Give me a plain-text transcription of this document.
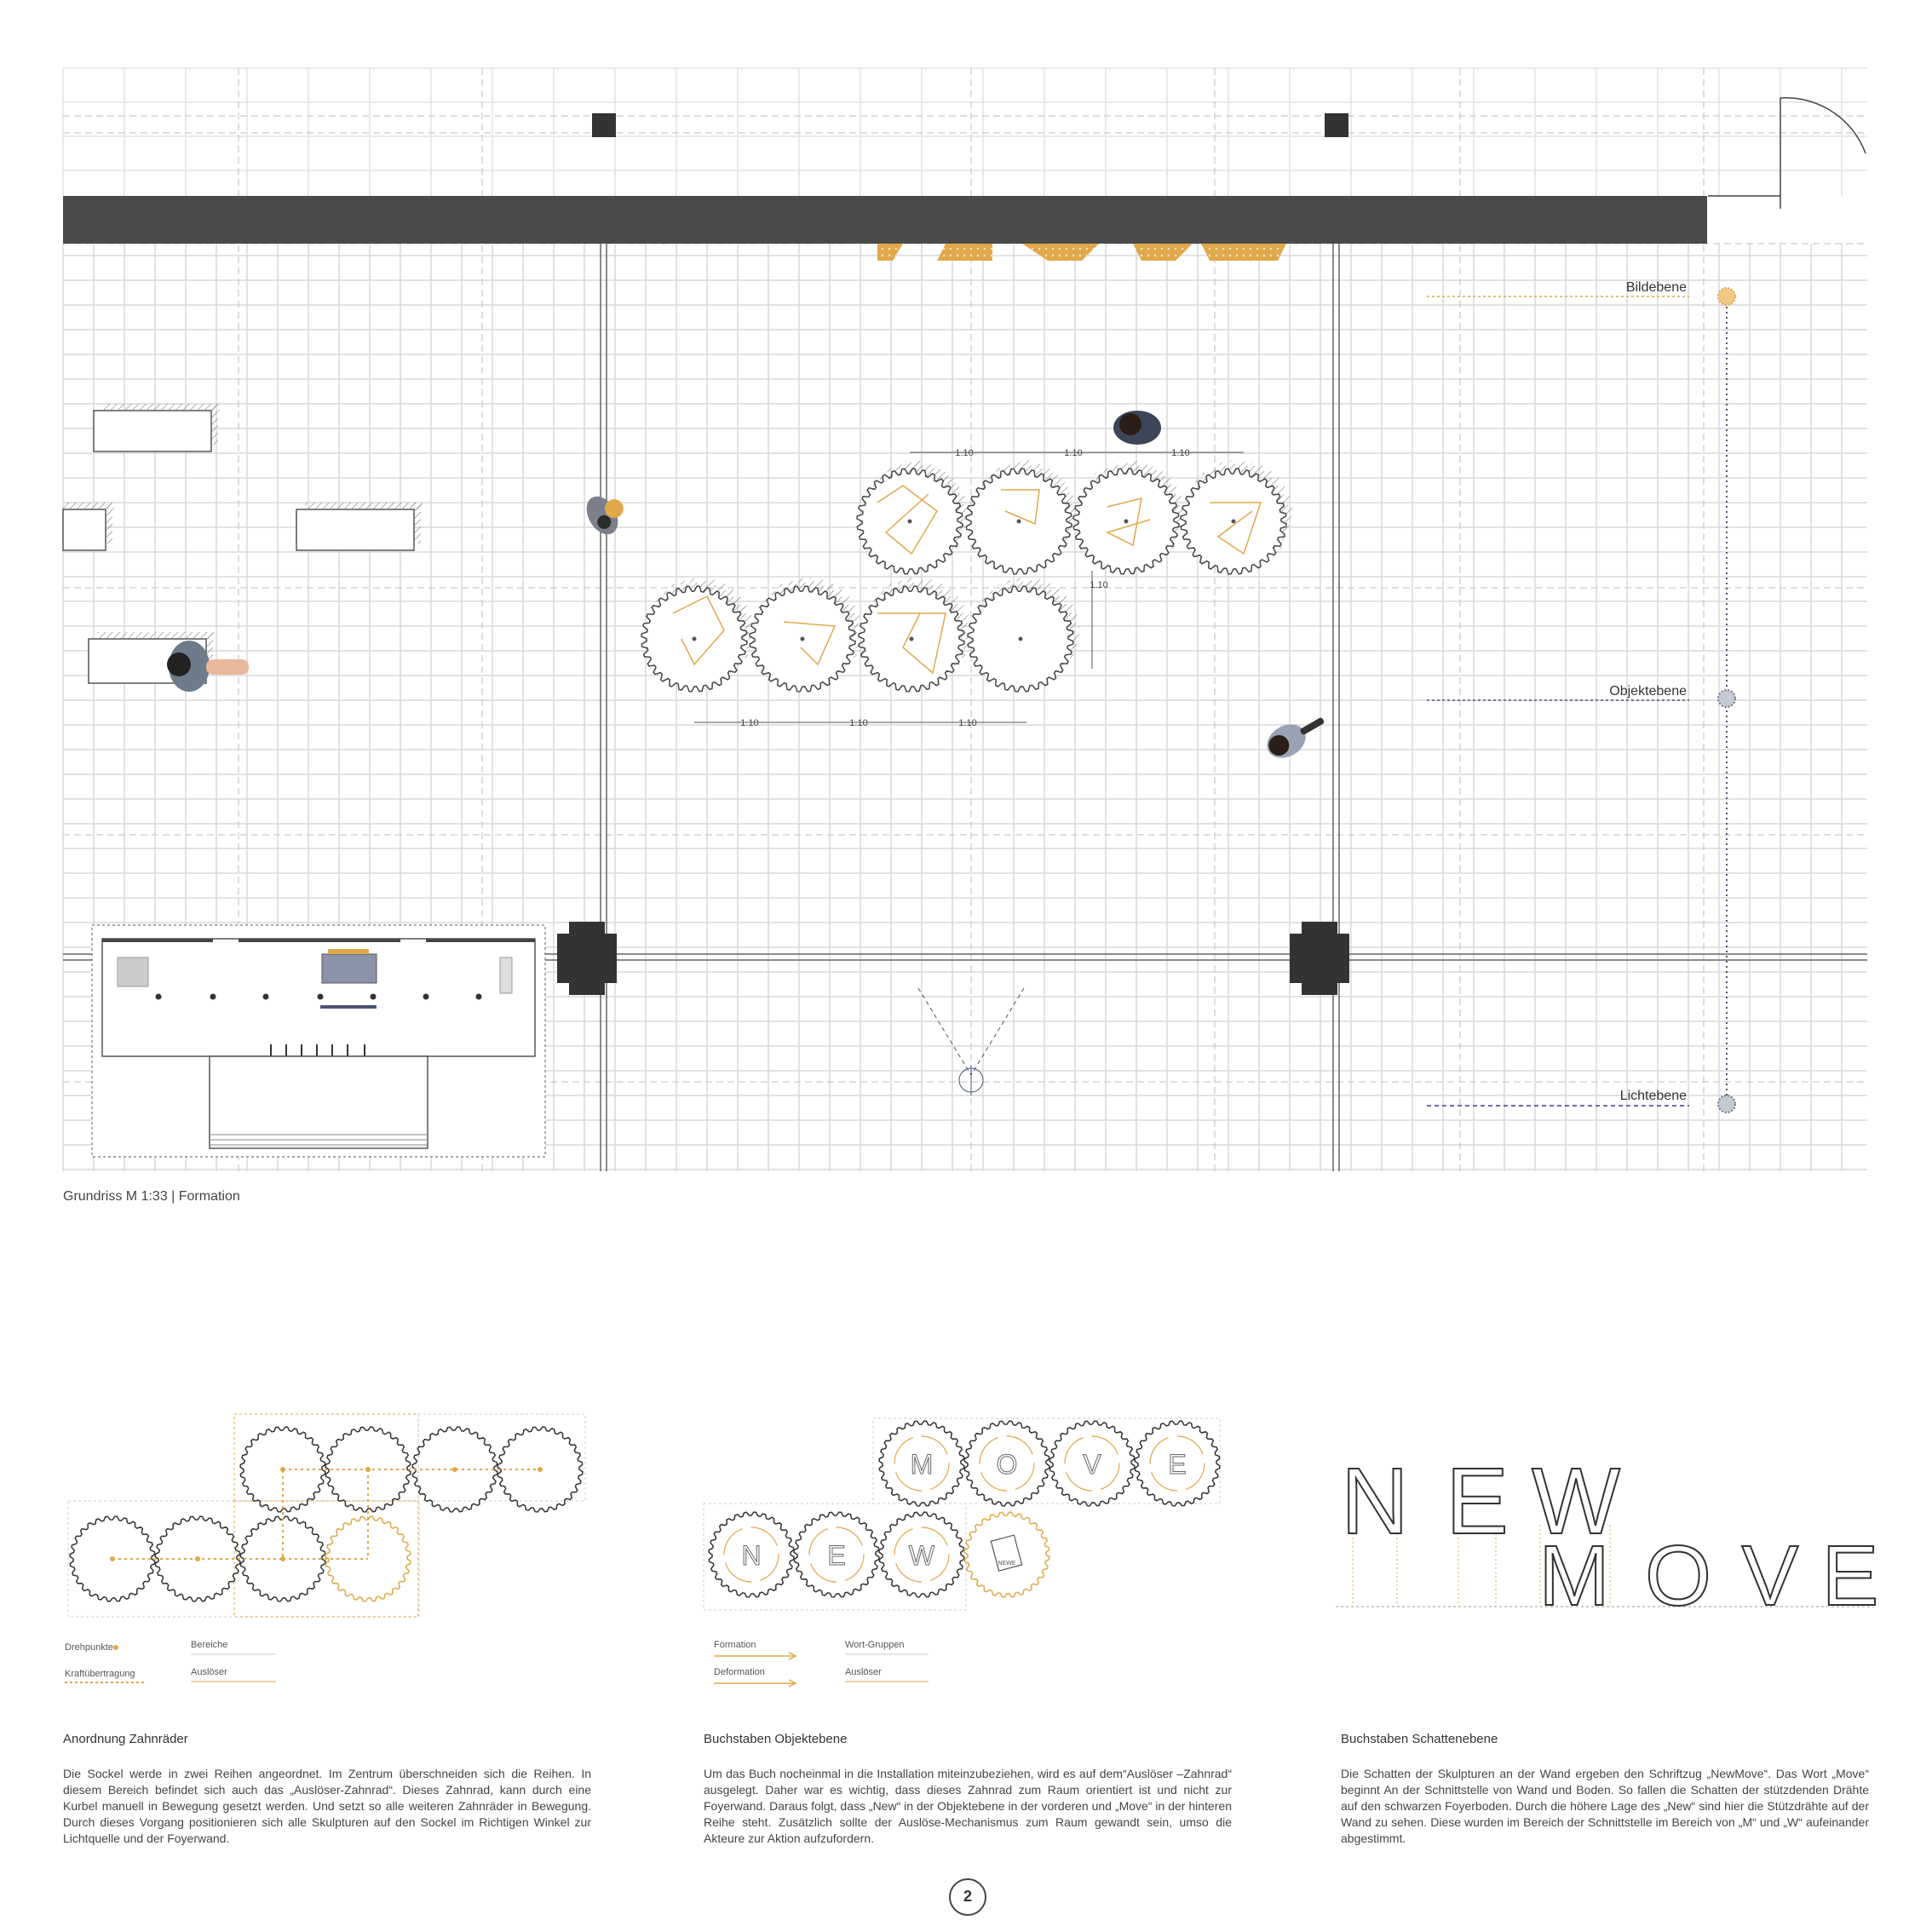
1.10	1.10	1.10
1.10	1.10	1.10
1.10
Bildebene
Objektebene
Lichtebene
Drehpunkte
Kraftübertragung
Bereiche
Auslöser
M O V E
N E W	NEWE
Formation
Deformation
Wort-Gruppen
Auslöser
N E W
M O V E
Grundriss M 1:33 | Formation
Anordnung Zahnräder
Die Sockel werde in zwei Reihen angeordnet. Im Zentrum überschneiden sich die Reihen. In diesem Bereich befindet sich auch das „Auslöser-Zahnrad“. Dieses Zahnrad, kann durch eine Kurbel manuell in Bewegung gesetzt werden. Und setzt so alle weiteren Zahnräder in Bewegung. Durch dieses Vorgang positionieren sich alle Skulpturen auf den Sockel im Richtigen Winkel zur Lichtquelle und der Foyerwand.
Buchstaben Objektebene
Um das Buch nocheinmal in die Installation miteinzubeziehen, wird es auf dem“Auslöser –Zahnrad“ ausgelegt. Daher war es wichtig, dass dieses Zahnrad zum Raum orientiert ist und nicht zur Foyerwand. Daraus folgt, dass „New“ in der Objektebene in der vorderen und „Move“ in der hinteren Reihe steht. Zusätzlich sollte der Auslöse-Mechanismus zum Raum gewandt sein, umso die Akteure zur Aktion aufzufordern.
Buchstaben Schattenebene
Die Schatten der Skulpturen an der Wand ergeben den Schriftzug „NewMove“. Das Wort „Move“ beginnt An der Schnittstelle von Wand und Boden. So fallen die Schatten der stützdenden Drähte auf den schwarzen Foyerboden. Durch die höhere Lage des „New“ sind hier die Stützdrähte auf der Wand zu sehen. Diese wurden im Bereich der Schnittstelle im Bereich von „M“ und „W“ aufeinander abgestimmt.
2
